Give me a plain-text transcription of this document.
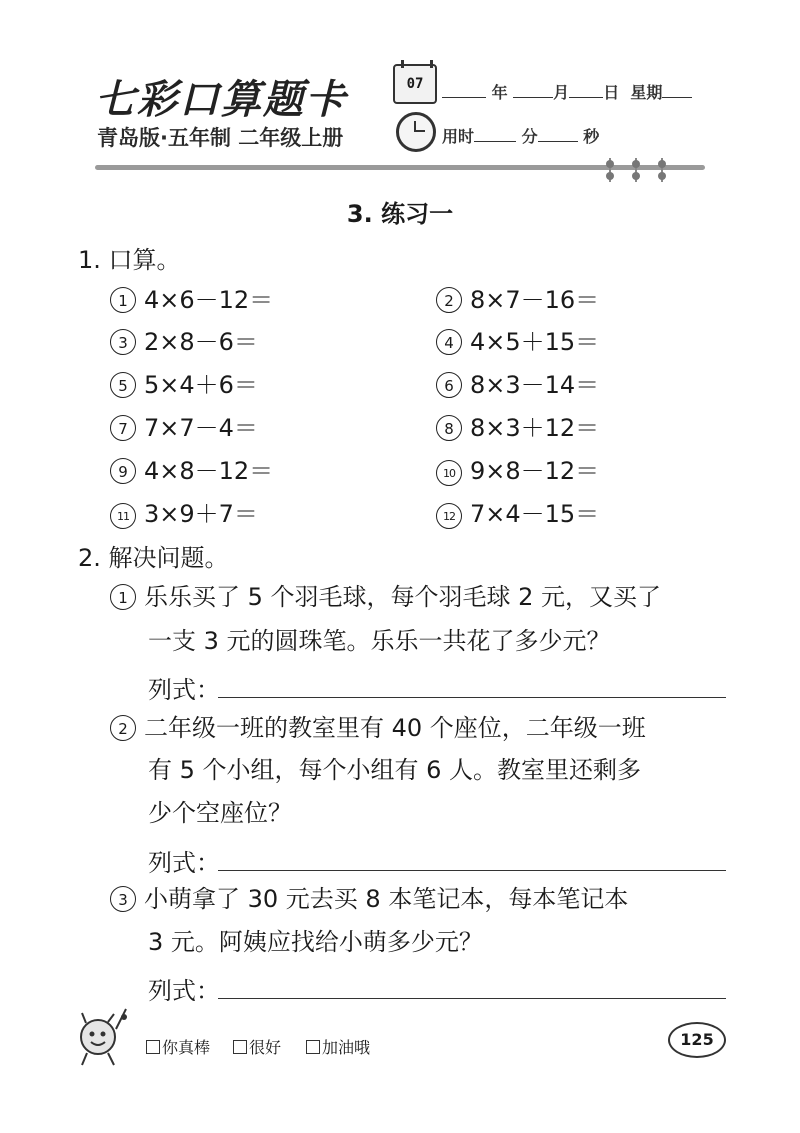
七彩口算题卡
青岛版·五年制 二年级上册
07	年	月 日 星期
用时	分	秒
3. 练习一
1. 口算。
1 4×6－12＝	2 8×7－16＝
3 2×8－6＝	4 4×5＋15＝
5 5×4＋6＝	6 8×3－14＝
7 7×7－4＝	8 8×3＋12＝
9 4×8－12＝	10 9×8－12＝
11 3×9＋7＝	12 7×4－15＝
2. 解决问题。
1 乐乐买了 5 个羽毛球，每个羽毛球 2 元，又买了
一支 3 元的圆珠笔。乐乐一共花了多少元？
列式：
2 二年级一班的教室里有 40 个座位，二年级一班
有 5 个小组，每个小组有 6 人。教室里还剩多
少个空座位？
列式：
3 小萌拿了 30 元去买 8 本笔记本，每本笔记本
3 元。阿姨应找给小萌多少元？
列式：
你真棒	很好	加油哦	125
